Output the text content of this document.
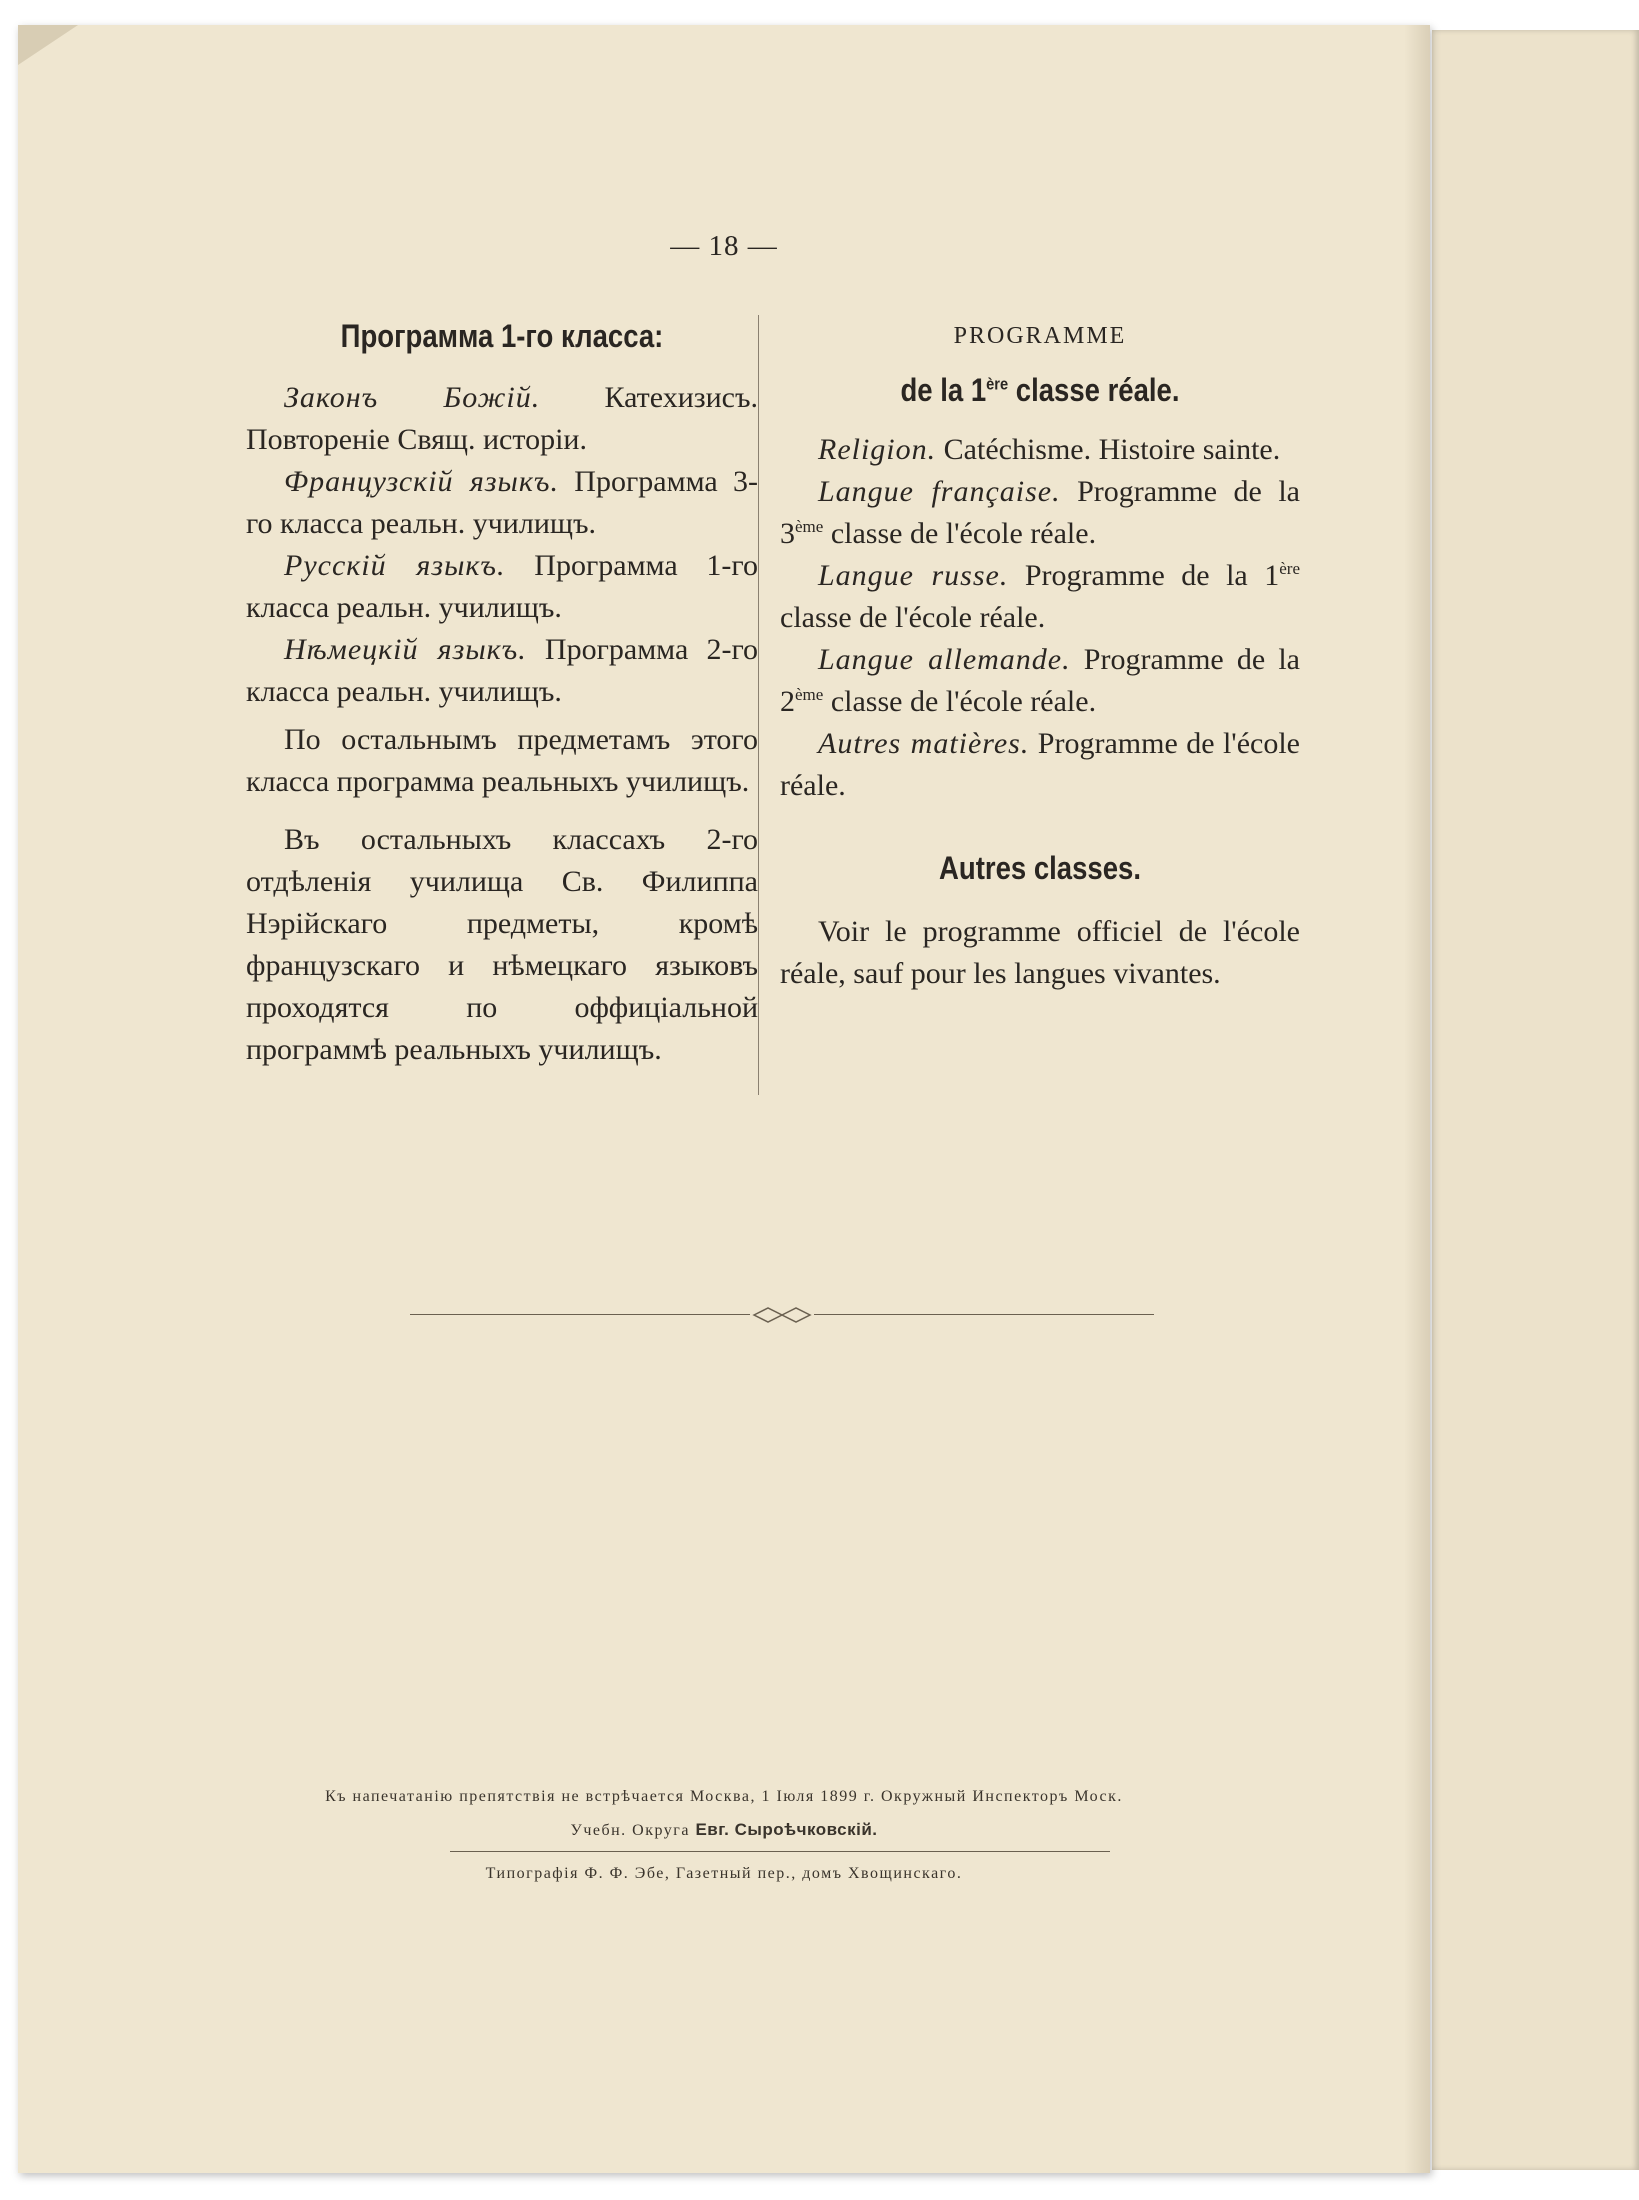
— 18 —
Программа 1-го класса:

Законъ Божій. Катехизисъ. Повтореніе Свящ. исторіи.

Французскій языкъ. Программа 3-го класса реальн. училищъ.

Русскій языкъ. Программа 1-го класса реальн. училищъ.

Нѣмецкій языкъ. Программа 2-го класса реальн. училищъ.

По остальнымъ предметамъ этого класса программа реальныхъ училищъ.

Въ остальныхъ классахъ 2-го отдѣленія училища Св. Филиппа Нэрійскаго предметы, кромѣ французскаго и нѣмецкаго языковъ проходятся по оффиціальной программѣ реальныхъ училищъ.

PROGRAMME
de la 1ère classe réale.

Religion. Catéchisme. Histoire sainte.

Langue française. Programme de la 3ème classe de l'école réale.

Langue russe. Programme de la 1ère classe de l'école réale.

Langue allemande. Programme de la 2ème classe de l'école réale.

Autres matières. Programme de l'école réale.

Autres classes.

Voir le programme officiel de l'école réale, sauf pour les langues vivantes.

Къ напечатанію препятствія не встрѣчается Москва, 1 Іюля 1899 г. Окружный Инспекторъ Моск.
Учебн. Округа Евг. Сыроѣчковскій.
Типографія Ф. Ф. Эбе, Газетный пер., домъ Хвощинскаго.
